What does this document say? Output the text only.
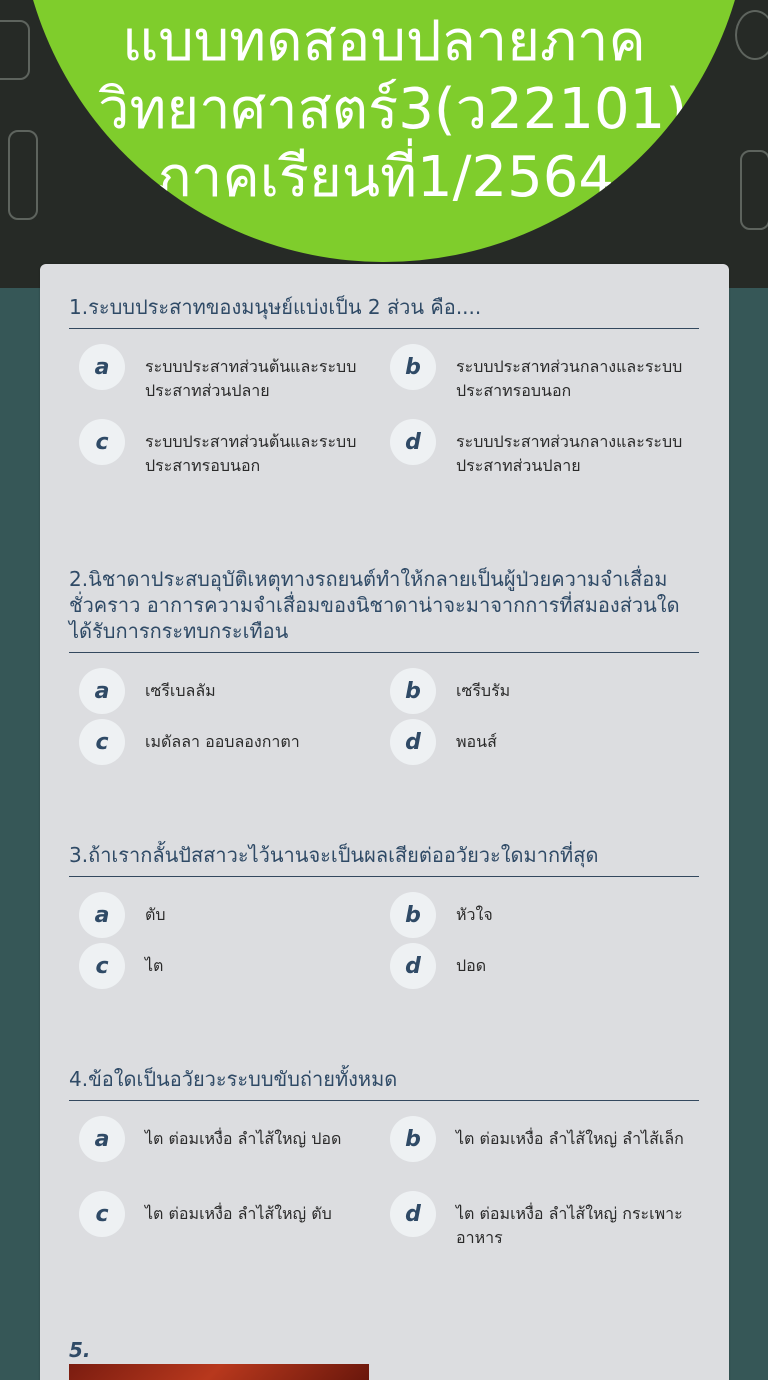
แบบทดสอบปลายภาค วิทยาศาสตร์3(ว22101) ภาคเรียนที่1/2564
1.ระบบประสาทของมนุษย์แบ่งเป็น 2 ส่วน คือ....
a	ระบบประสาทส่วนต้นและระบบประสาทส่วนปลาย
b	ระบบประสาทส่วนกลางและระบบประสาทรอบนอก
c	ระบบประสาทส่วนต้นและระบบประสาทรอบนอก
d	ระบบประสาทส่วนกลางและระบบประสาทส่วนปลาย
2.นิชาดาประสบอุบัติเหตุทางรถยนต์ทำให้กลายเป็นผู้ป่วยความจำเสื่อมชั่วคราว อาการความจำเสื่อมของนิชาดาน่าจะมาจากการที่สมองส่วนใดได้รับการกระทบกระเทือน
a	เซรีเบลลัม	b	เซรีบรัม
c	เมดัลลา ออบลองกาตา	d	พอนส์
3.ถ้าเรากลั้นปัสสาวะไว้นานจะเป็นผลเสียต่ออวัยวะใดมากที่สุด
a	ตับ	b	หัวใจ
c	ไต	d	ปอด
4.ข้อใดเป็นอวัยวะระบบขับถ่ายทั้งหมด
a	ไต ต่อมเหงื่อ ลำไส้ใหญ่ ปอด	b	ไต ต่อมเหงื่อ ลำไส้ใหญ่ ลำไส้เล็ก
c	ไต ต่อมเหงื่อ ลำไส้ใหญ่ ตับ	d	ไต ต่อมเหงื่อ ลำไส้ใหญ่ กระเพาะอาหาร
5.
